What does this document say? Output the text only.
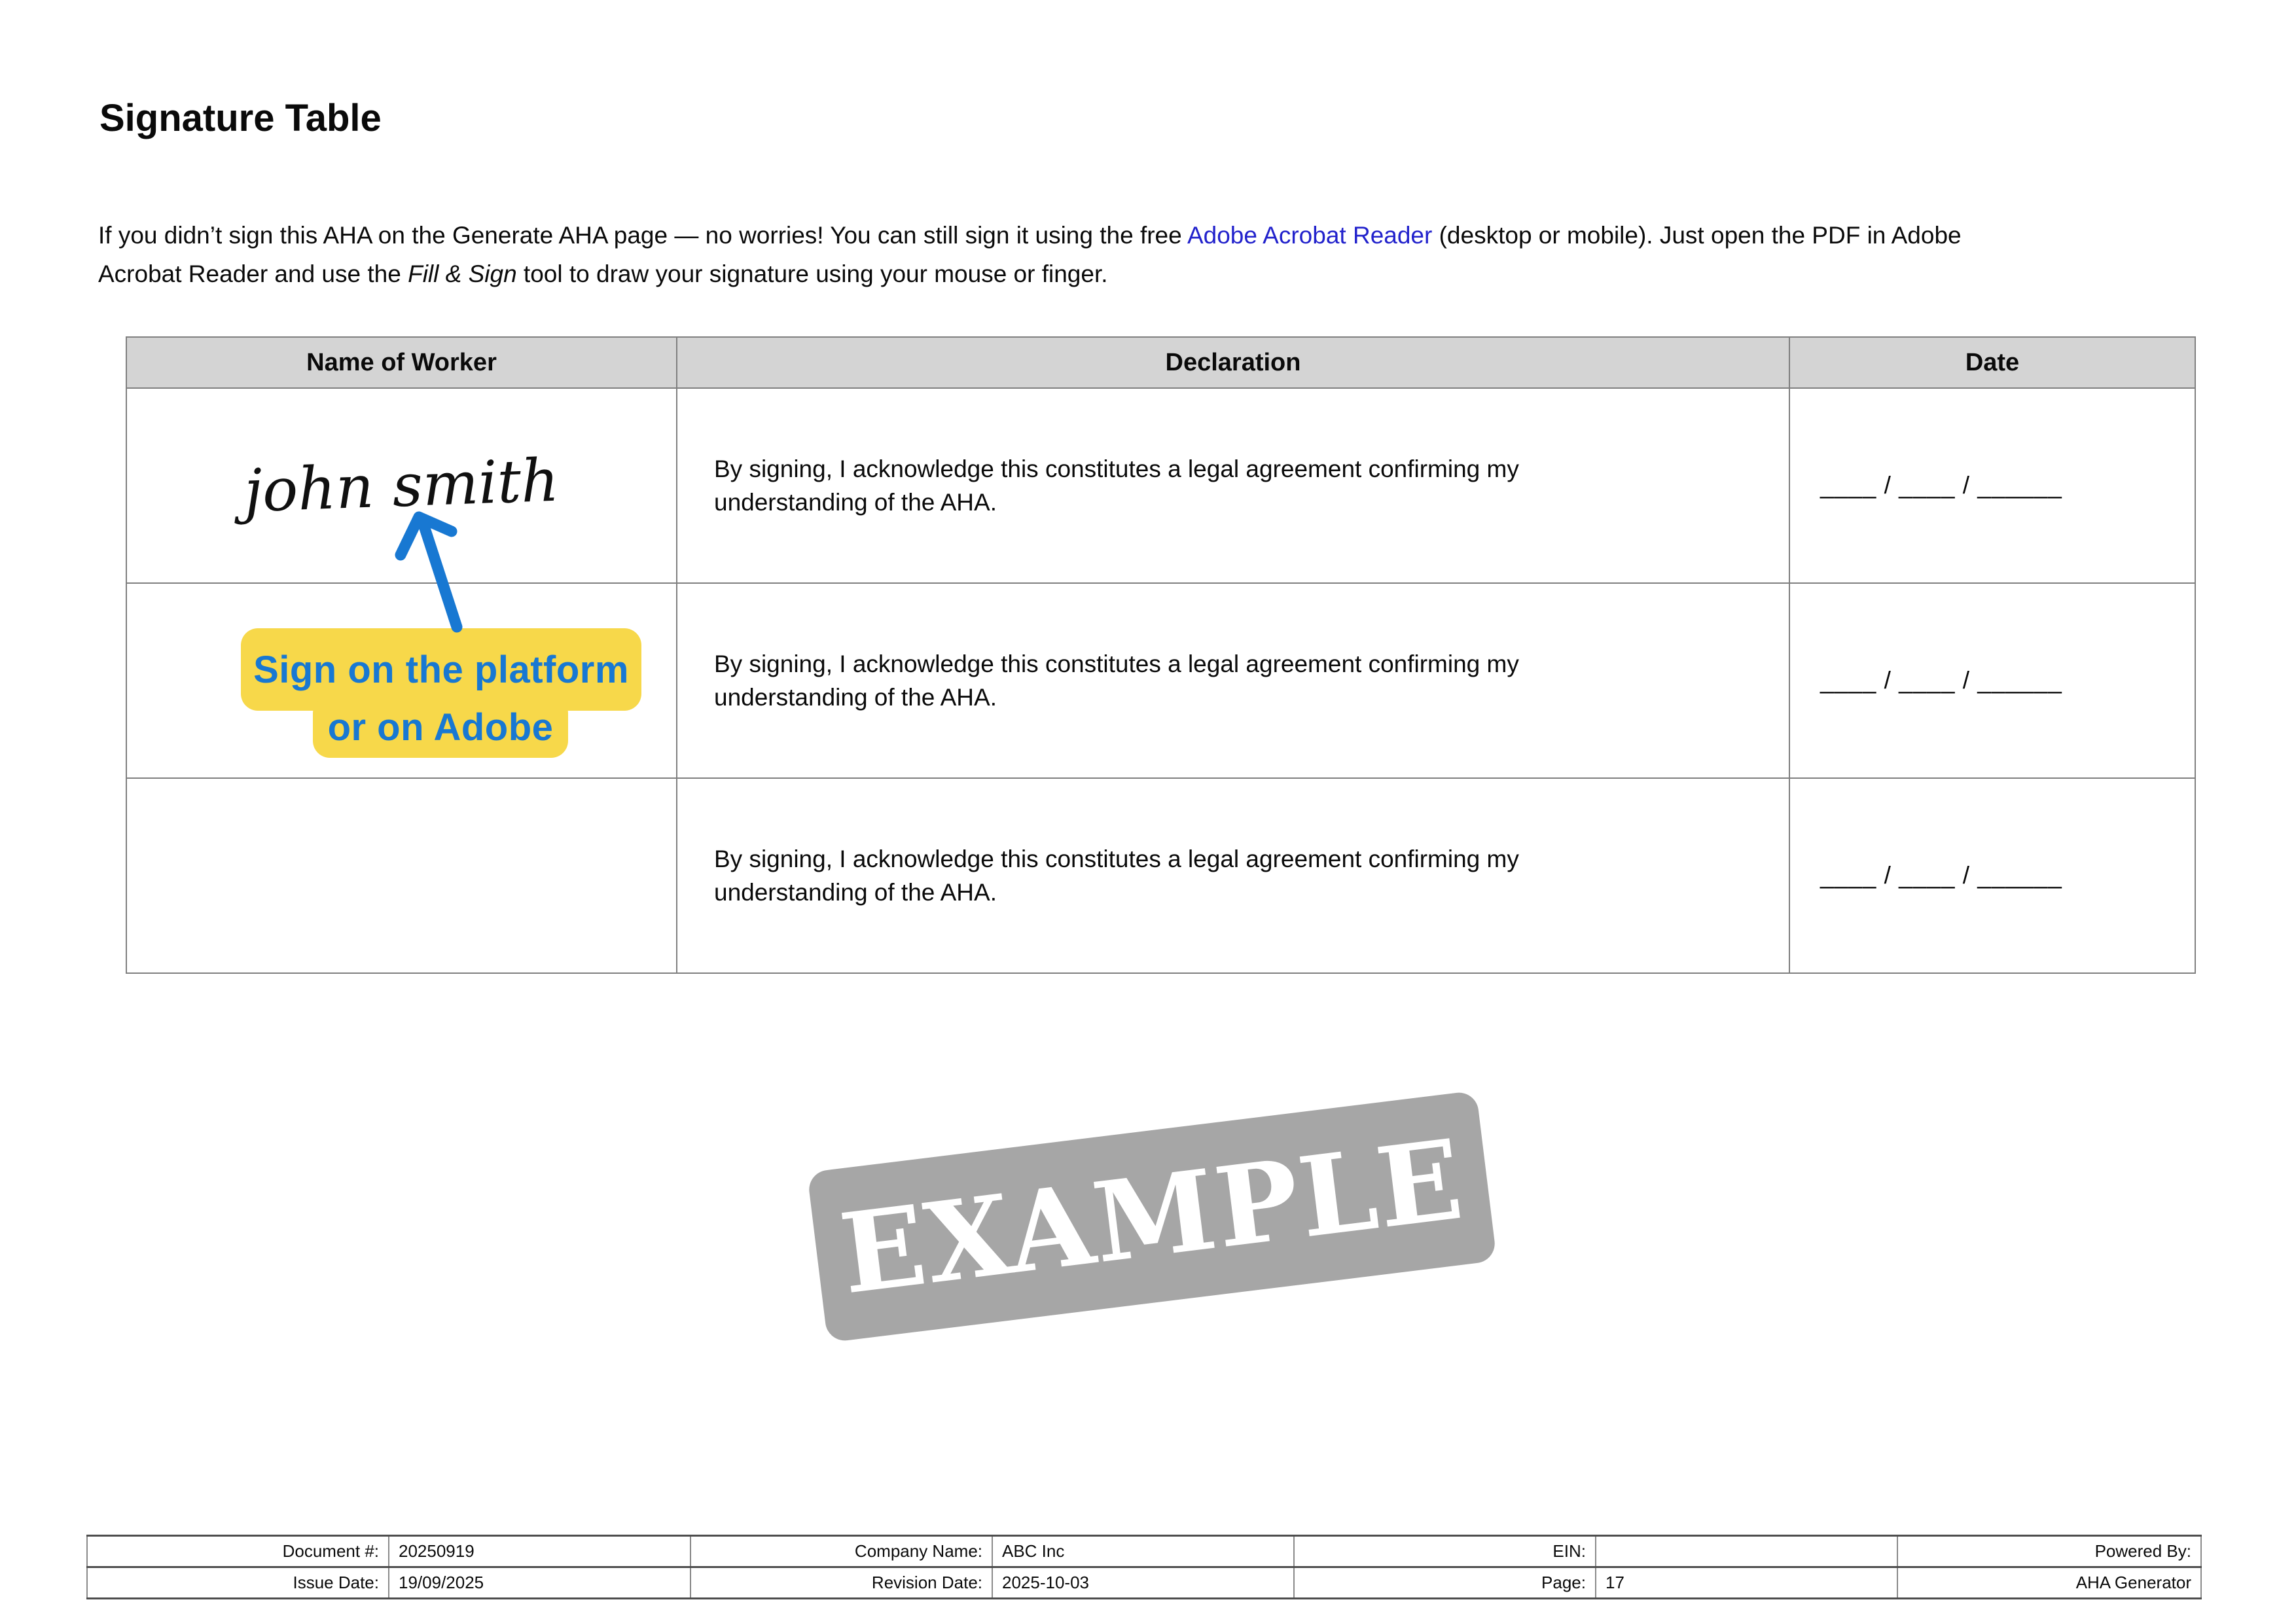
Signature Table
If you didn’t sign this AHA on the Generate AHA page — no worries! You can still sign it using the free Adobe Acrobat Reader (desktop or mobile). Just open the PDF in Adobe
Acrobat Reader and use the Fill & Sign tool to draw your signature using your mouse or finger.
Name of Worker	Declaration	Date

john smith	By signing, I acknowledge this constitutes a legal agreement confirming my understanding of the AHA.	____ / ____ / ______

	By signing, I acknowledge this constitutes a legal agreement confirming my understanding of the AHA.	____ / ____ / ______

	By signing, I acknowledge this constitutes a legal agreement confirming my understanding of the AHA.	____ / ____ / ______
Sign on the platform
or on Adobe
EXAMPLE
Document #:	20250919	Company Name:	ABC Inc	EIN:		Powered By:
Issue Date:	19/09/2025	Revision Date:	2025-10-03	Page:	17	AHA Generator
